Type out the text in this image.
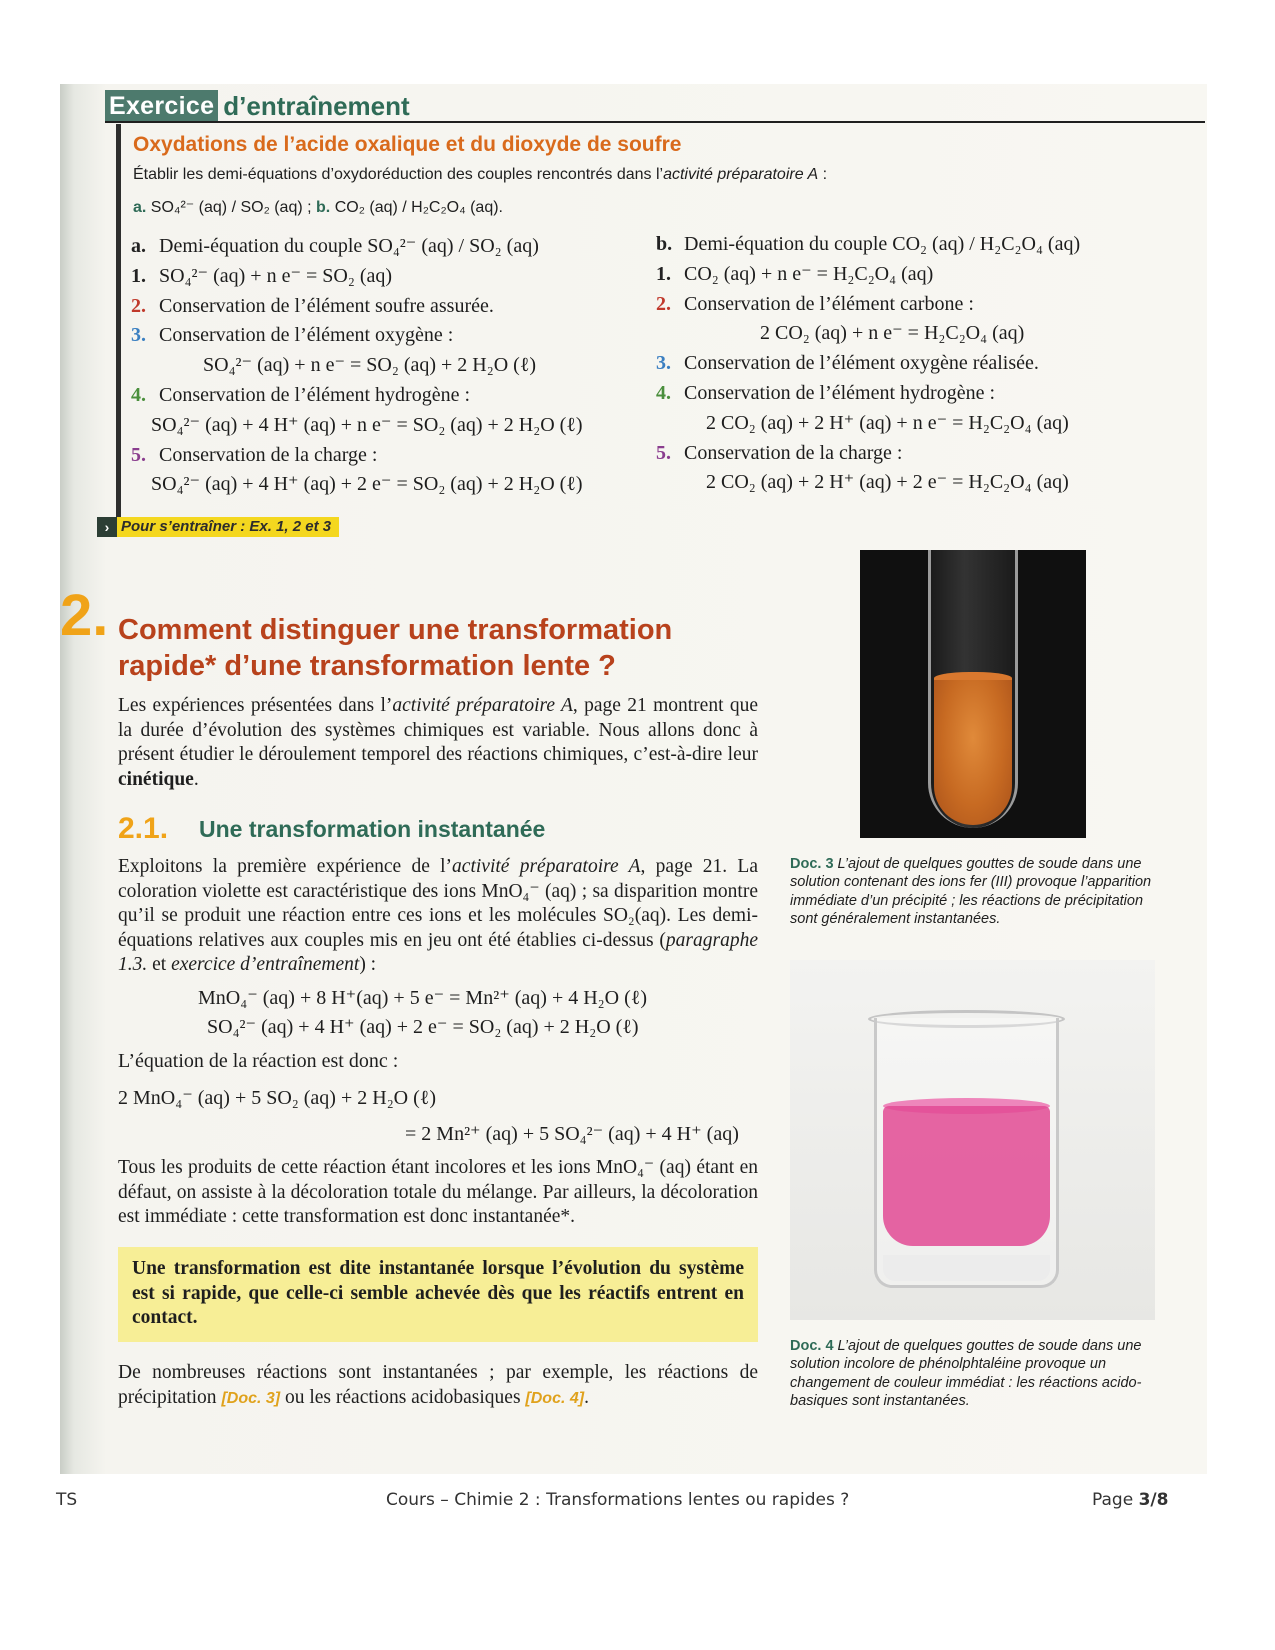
Exercice d’entraînement
Oxydations de l’acide oxalique et du dioxyde de soufre
Établir les demi-équations d’oxydoréduction des couples rencontrés dans l’activité préparatoire A :
a. SO₄²⁻ (aq) / SO₂ (aq) ; b. CO₂ (aq) / H₂C₂O₄ (aq).
a. Demi-équation du couple SO₄²⁻ (aq) / SO₂ (aq)
1. SO₄²⁻ (aq) + n e⁻ = SO₂ (aq)
2. Conservation de l’élément soufre assurée.
3. Conservation de l’élément oxygène :
SO₄²⁻ (aq) + n e⁻ = SO₂ (aq) + 2 H₂O (ℓ)
4. Conservation de l’élément hydrogène :
SO₄²⁻ (aq) + 4 H⁺ (aq) + n e⁻ = SO₂ (aq) + 2 H₂O (ℓ)
5. Conservation de la charge :
SO₄²⁻ (aq) + 4 H⁺ (aq) + 2 e⁻ = SO₂ (aq) + 2 H₂O (ℓ)
b. Demi-équation du couple CO₂ (aq) / H₂C₂O₄ (aq)
1. CO₂ (aq) + n e⁻ = H₂C₂O₄ (aq)
2. Conservation de l’élément carbone :
2 CO₂ (aq) + n e⁻ = H₂C₂O₄ (aq)
3. Conservation de l’élément oxygène réalisée.
4. Conservation de l’élément hydrogène :
2 CO₂ (aq) + 2 H⁺ (aq) + n e⁻ = H₂C₂O₄ (aq)
5. Conservation de la charge :
2 CO₂ (aq) + 2 H⁺ (aq) + 2 e⁻ = H₂C₂O₄ (aq)
› Pour s’entraîner : Ex. 1, 2 et 3
2. Comment distinguer une transformation rapide* d’une transformation lente ?
Les expériences présentées dans l’activité préparatoire A, page 21 montrent que la durée d’évolution des systèmes chimiques est variable. Nous allons donc à présent étudier le déroulement temporel des réactions chimiques, c’est-à-dire leur cinétique.
2.1. Une transformation instantanée
Exploitons la première expérience de l’activité préparatoire A, page 21. La coloration violette est caractéristique des ions MnO₄⁻ (aq) ; sa disparition montre qu’il se produit une réaction entre ces ions et les molécules SO₂(aq). Les demi-équations relatives aux couples mis en jeu ont été établies ci-dessus (paragraphe 1.3. et exercice d’entraînement) :
MnO₄⁻ (aq) + 8 H⁺(aq) + 5 e⁻ = Mn²⁺ (aq) + 4 H₂O (ℓ)
SO₄²⁻ (aq) + 4 H⁺ (aq) + 2 e⁻ = SO₂ (aq) + 2 H₂O (ℓ)
L’équation de la réaction est donc :
2 MnO₄⁻ (aq) + 5 SO₂ (aq) + 2 H₂O (ℓ)
= 2 Mn²⁺ (aq) + 5 SO₄²⁻ (aq) + 4 H⁺ (aq)
Tous les produits de cette réaction étant incolores et les ions MnO₄⁻ (aq) étant en défaut, on assiste à la décoloration totale du mélange. Par ailleurs, la décoloration est immédiate : cette transformation est donc instantanée*.
Une transformation est dite instantanée lorsque l’évolution du système est si rapide, que celle-ci semble achevée dès que les réactifs entrent en contact.
De nombreuses réactions sont instantanées ; par exemple, les réactions de précipitation [Doc. 3] ou les réactions acidobasiques [Doc. 4].
Doc. 3 L’ajout de quelques gouttes de soude dans une solution contenant des ions fer (III) provoque l’apparition immédiate d’un précipité ; les réactions de précipitation sont généralement instantanées.
Doc. 4 L’ajout de quelques gouttes de soude dans une solution incolore de phénolphtaléine provoque un changement de couleur immédiat : les réactions acido-basiques sont instantanées.
TS	Cours – Chimie 2 : Transformations lentes ou rapides ?	Page 3/8
